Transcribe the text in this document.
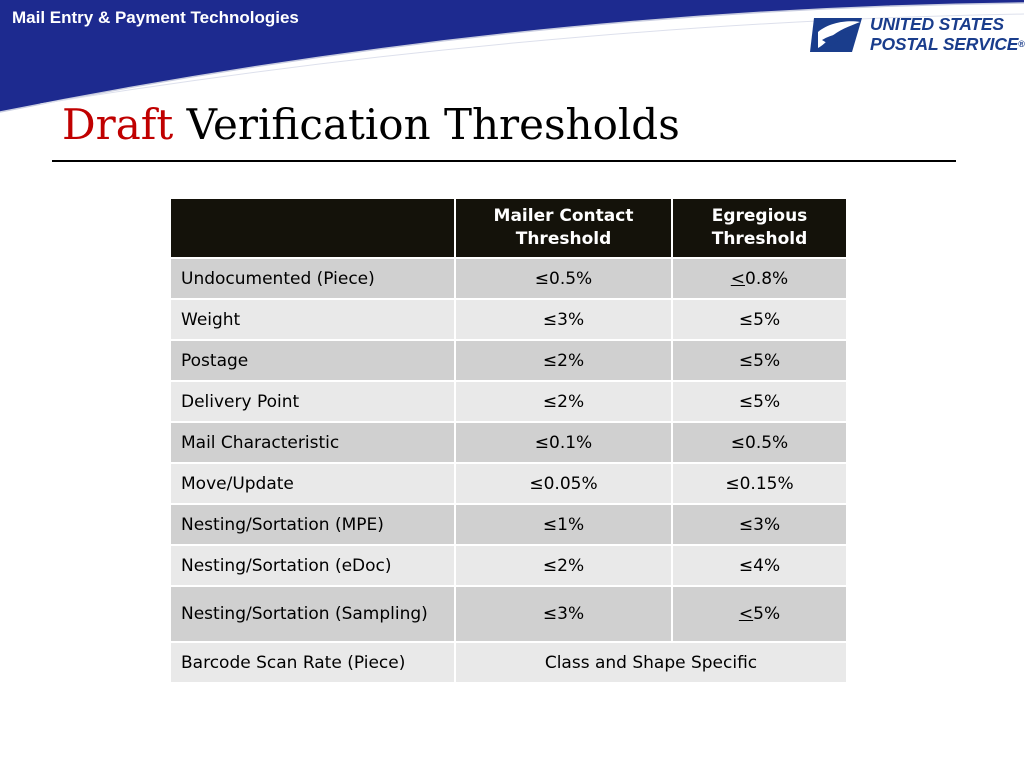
Mail Entry & Payment Technologies	UNITED STATES
POSTAL SERVICE®
Draft Verification Thresholds
	Mailer Contact Threshold	Egregious Threshold
Undocumented (Piece)	≤0.5%	<0.8%
Weight	≤3%	≤5%
Postage	≤2%	≤5%
Delivery Point	≤2%	≤5%
Mail Characteristic	≤0.1%	≤0.5%
Move/Update	≤0.05%	≤0.15%
Nesting/Sortation (MPE)	≤1%	≤3%
Nesting/Sortation (eDoc)	≤2%	≤4%
Nesting/Sortation (Sampling)	≤3%	<5%
Barcode Scan Rate (Piece)	Class and Shape Specific	
